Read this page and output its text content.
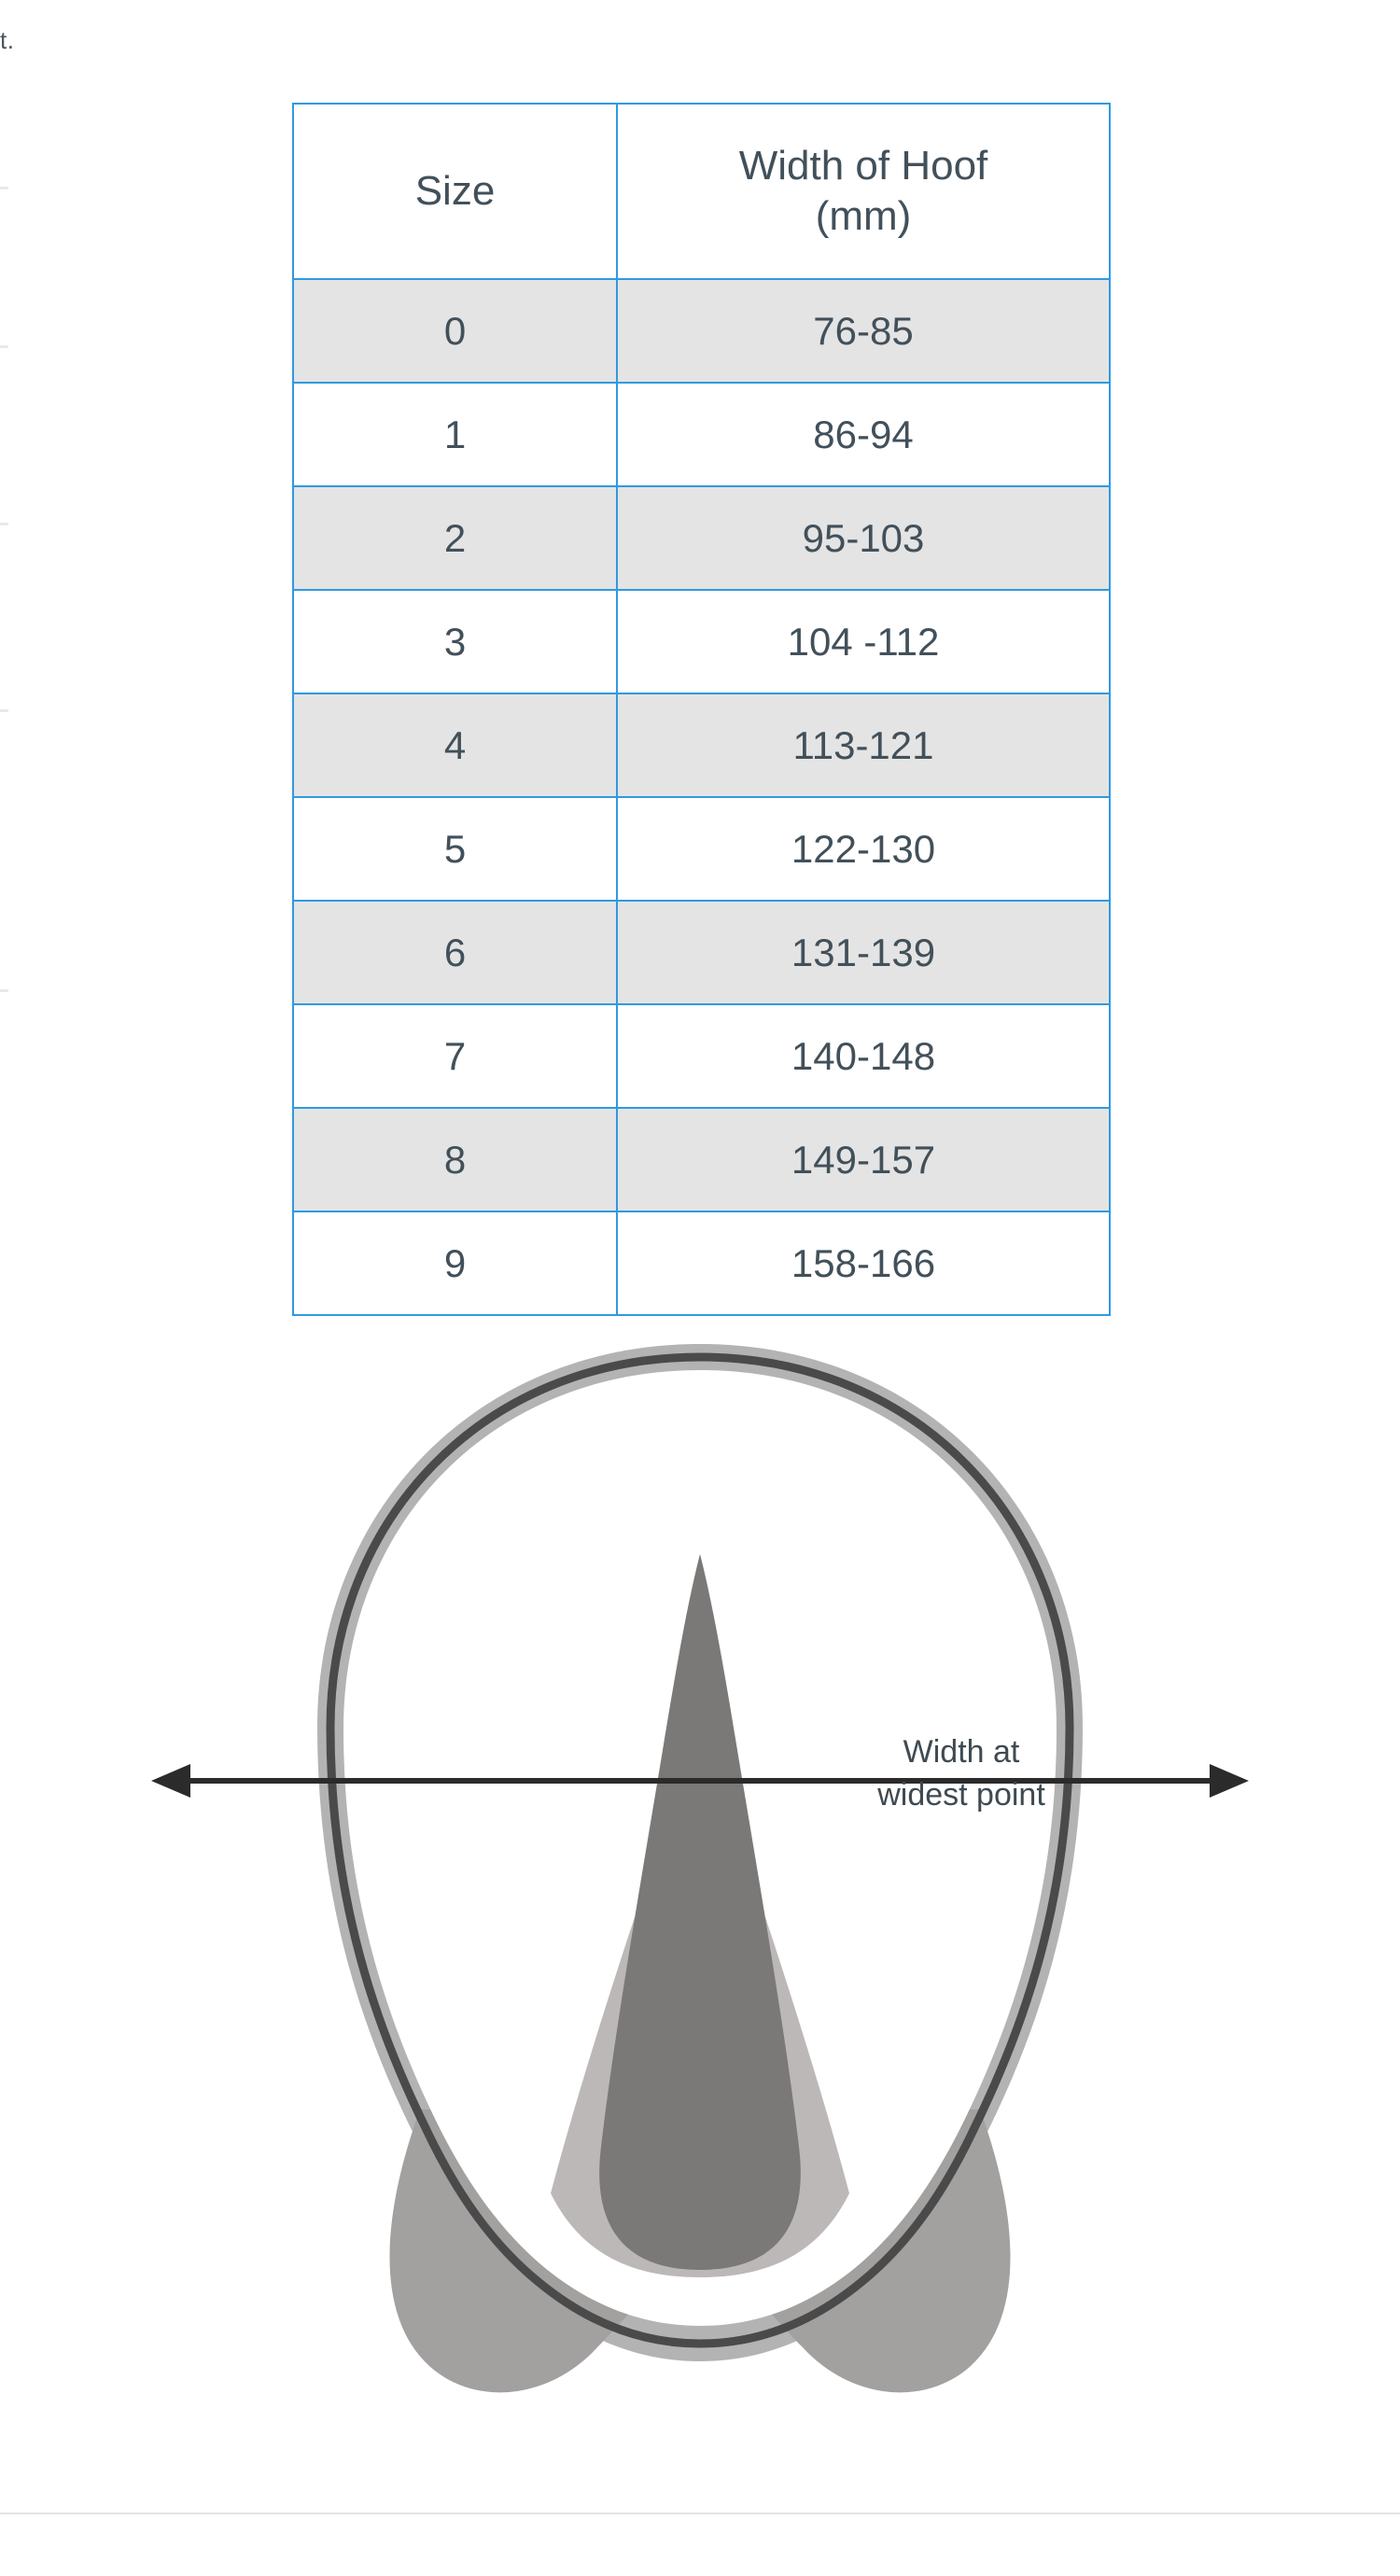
t.
Size	Width of Hoof
(mm)
0	76-85
1	86-94
2	95-103
3	104 -112
4	113-121
5	122-130
6	131-139
7	140-148
8	149-157
9	158-166
Width at
widest point
